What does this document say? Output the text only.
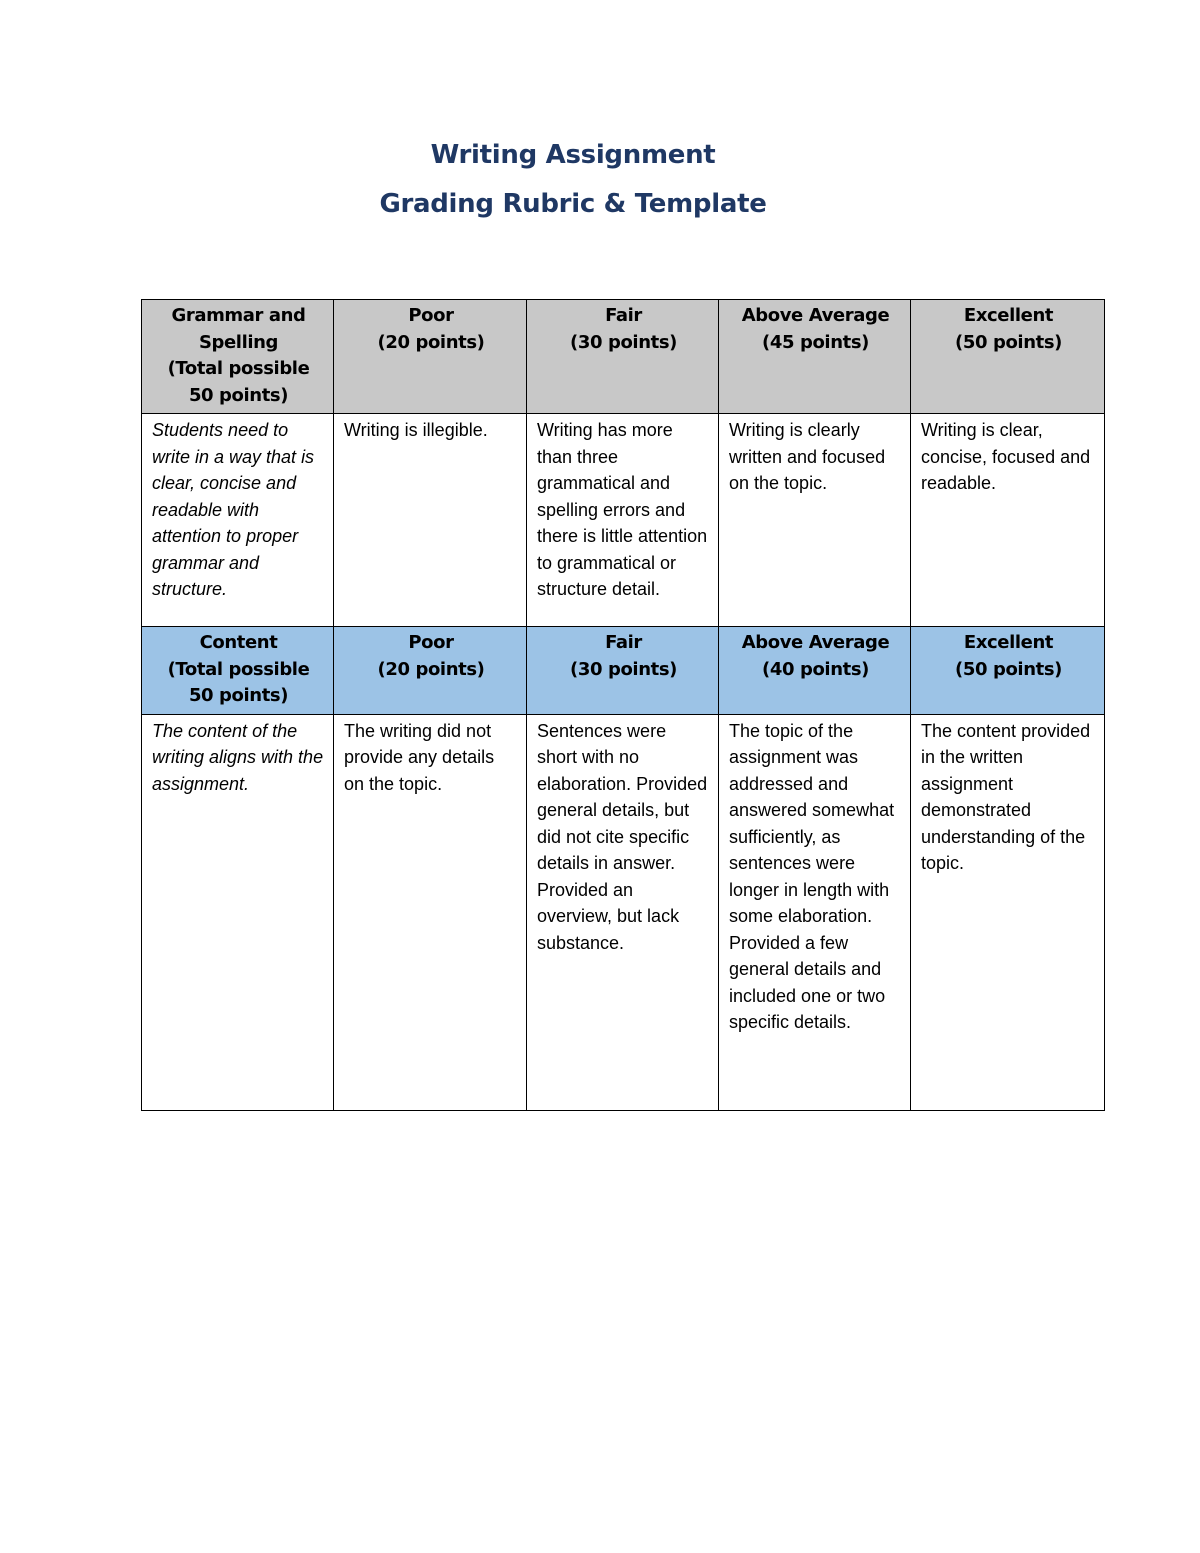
Writing Assignment
Grading Rubric & Template
Grammar and
Spelling
(Total possible
50 points)	Poor
(20 points)	Fair
(30 points)	Above Average
(45 points)	Excellent
(50 points)

Students need to write in a way that is clear, concise and readable with attention to proper grammar and structure.	Writing is illegible.	Writing has more than three grammatical and spelling errors and there is little attention to grammatical or structure detail.	Writing is clearly written and focused on the topic.	Writing is clear, concise, focused and readable.

Content
(Total possible
50 points)	Poor
(20 points)	Fair
(30 points)	Above Average
(40 points)	Excellent
(50 points)

The content of the writing aligns with the assignment.	The writing did not provide any details on the topic.	Sentences were short with no elaboration. Provided general details, but did not cite specific details in answer. Provided an overview, but lack substance.	The topic of the assignment was addressed and answered somewhat sufficiently, as sentences were longer in length with some elaboration. Provided a few general details and included one or two specific details.	The content provided in the written assignment demonstrated understanding of the topic.
